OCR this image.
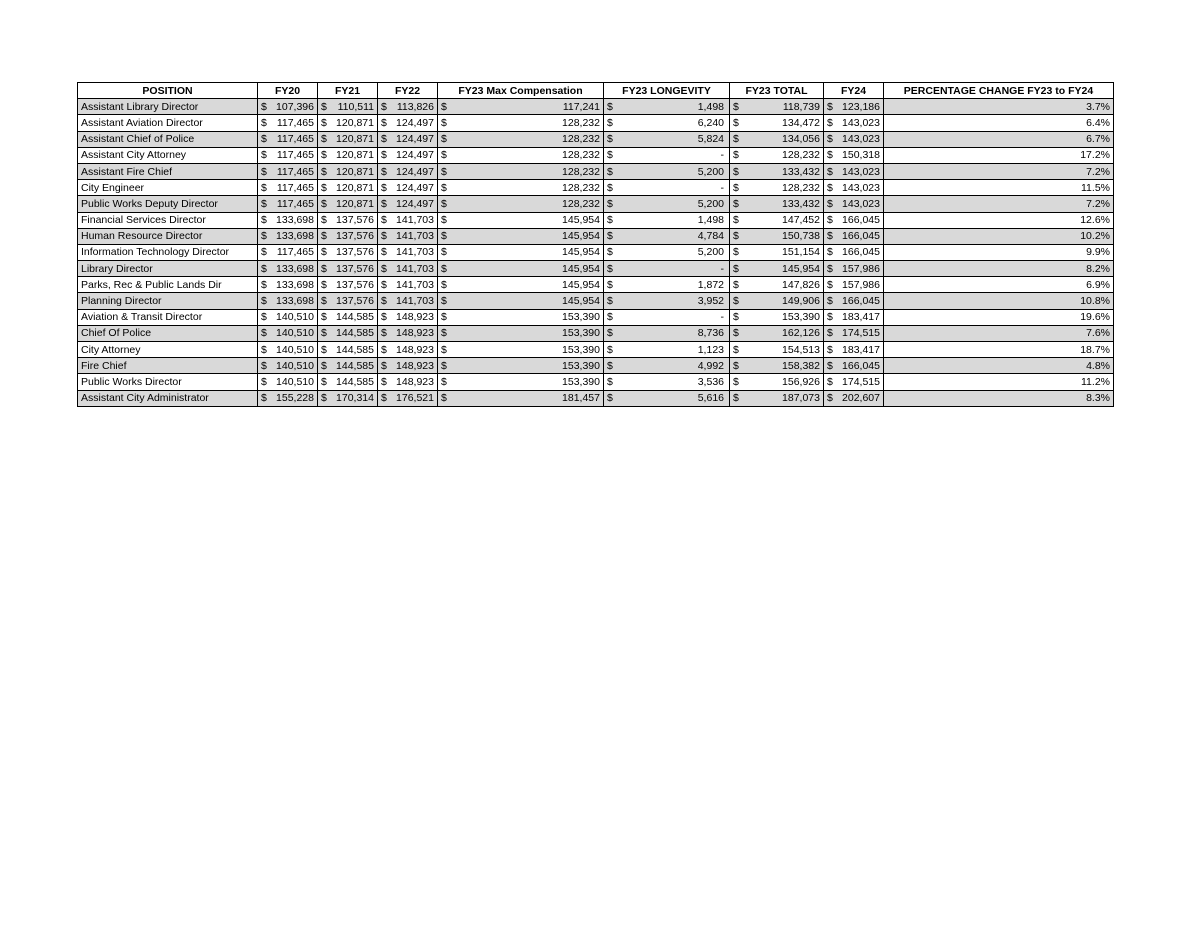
POSITION	FY20	FY21	FY22	FY23 Max Compensation	FY23 LONGEVITY	FY23 TOTAL	FY24	PERCENTAGE CHANGE FY23 to FY24
Assistant Library Director	$ 107,396	$ 110,511	$ 113,826	$ 117,241	$ 1,498	$ 118,739	$ 123,186	3.7%
Assistant Aviation Director	$ 117,465	$ 120,871	$ 124,497	$ 128,232	$ 6,240	$ 134,472	$ 143,023	6.4%
Assistant Chief of Police	$ 117,465	$ 120,871	$ 124,497	$ 128,232	$ 5,824	$ 134,056	$ 143,023	6.7%
Assistant City Attorney	$ 117,465	$ 120,871	$ 124,497	$ 128,232	$ -	$ 128,232	$ 150,318	17.2%
Assistant Fire Chief	$ 117,465	$ 120,871	$ 124,497	$ 128,232	$ 5,200	$ 133,432	$ 143,023	7.2%
City Engineer	$ 117,465	$ 120,871	$ 124,497	$ 128,232	$ -	$ 128,232	$ 143,023	11.5%
Public Works Deputy Director	$ 117,465	$ 120,871	$ 124,497	$ 128,232	$ 5,200	$ 133,432	$ 143,023	7.2%
Financial Services Director	$ 133,698	$ 137,576	$ 141,703	$ 145,954	$ 1,498	$ 147,452	$ 166,045	12.6%
Human Resource Director	$ 133,698	$ 137,576	$ 141,703	$ 145,954	$ 4,784	$ 150,738	$ 166,045	10.2%
Information Technology Director	$ 117,465	$ 137,576	$ 141,703	$ 145,954	$ 5,200	$ 151,154	$ 166,045	9.9%
Library Director	$ 133,698	$ 137,576	$ 141,703	$ 145,954	$ -	$ 145,954	$ 157,986	8.2%
Parks, Rec & Public Lands Dir	$ 133,698	$ 137,576	$ 141,703	$ 145,954	$ 1,872	$ 147,826	$ 157,986	6.9%
Planning Director	$ 133,698	$ 137,576	$ 141,703	$ 145,954	$ 3,952	$ 149,906	$ 166,045	10.8%
Aviation & Transit Director	$ 140,510	$ 144,585	$ 148,923	$ 153,390	$ -	$ 153,390	$ 183,417	19.6%
Chief Of Police	$ 140,510	$ 144,585	$ 148,923	$ 153,390	$ 8,736	$ 162,126	$ 174,515	7.6%
City Attorney	$ 140,510	$ 144,585	$ 148,923	$ 153,390	$ 1,123	$ 154,513	$ 183,417	18.7%
Fire Chief	$ 140,510	$ 144,585	$ 148,923	$ 153,390	$ 4,992	$ 158,382	$ 166,045	4.8%
Public Works Director	$ 140,510	$ 144,585	$ 148,923	$ 153,390	$ 3,536	$ 156,926	$ 174,515	11.2%
Assistant City Administrator	$ 155,228	$ 170,314	$ 176,521	$ 181,457	$ 5,616	$ 187,073	$ 202,607	8.3%
